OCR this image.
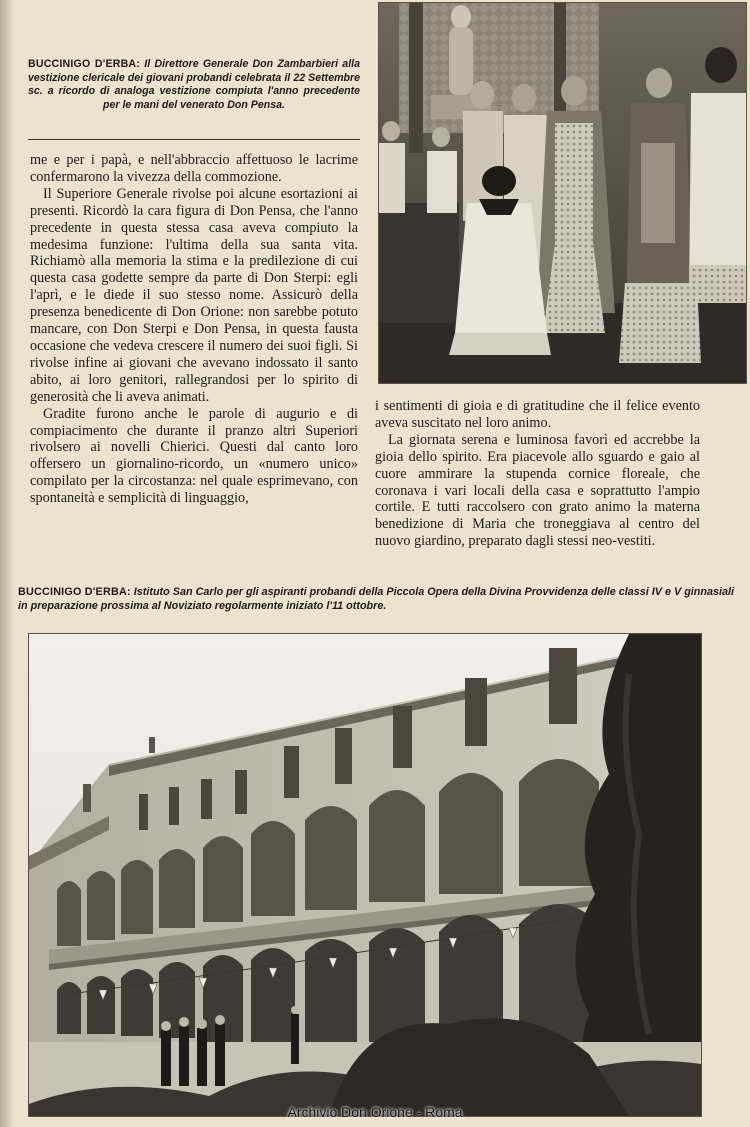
BUCCINIGO D'ERBA: Il Direttore Generale Don Zambarbieri alla vestizione clericale dei giovani probandi celebrata il 22 Settembre sc. a ricordo di analoga vestizione compiuta l'anno precedente per le mani del venerato Don Pensa.

me e per i papà, e nell'abbraccio affettuoso le lacrime confermarono la vivezza della commozione.

Il Superiore Generale rivolse poi alcune esortazioni ai presenti. Ricordò la cara figura di Don Pensa, che l'anno precedente in questa stessa casa aveva compiuto la medesima funzione: l'ultima della sua santa vita. Richiamò alla memoria la stima e la predilezione di cui questa casa godette sempre da parte di Don Sterpi: egli l'aprì, e le diede il suo stesso nome. Assicurò della presenza benedicente di Don Orione: non sarebbe potuto mancare, con Don Sterpi e Don Pensa, in questa fausta occasione che vedeva crescere il numero dei suoi figli. Si rivolse infine ai giovani che avevano indossato il santo abito, ai loro genitori, rallegrandosi per lo spirito di generosità che li aveva animati.

Gradite furono anche le parole di augurio e di compiacimento che durante il pranzo altri Superiori rivolsero ai novelli Chierici. Questi dal canto loro offersero un giornalino-ricordo, un «numero unico» compilato per la circostanza: nel quale esprimevano, con spontaneità e semplicità di linguaggio,

i sentimenti di gioia e di gratitudine che il felice evento aveva suscitato nel loro animo.

La giornata serena e luminosa favorì ed accrebbe la gioia dello spirito. Era piacevole allo sguardo e gaio al cuore ammirare la stupenda cornice floreale, che coronava i vari locali della casa e soprattutto l'ampio cortile. E tutti raccolsero con grato animo la materna benedizione di Maria che troneggiava al centro del nuovo giardino, preparato dagli stessi neo-vestiti.

BUCCINIGO D'ERBA: Istituto San Carlo per gli aspiranti probandi della Piccola Opera della Divina Provvidenza delle classi IV e V ginnasiali in preparazione prossima al Noviziato regolarmente iniziato l'11 ottobre.
Archivio Don Orione - Roma
